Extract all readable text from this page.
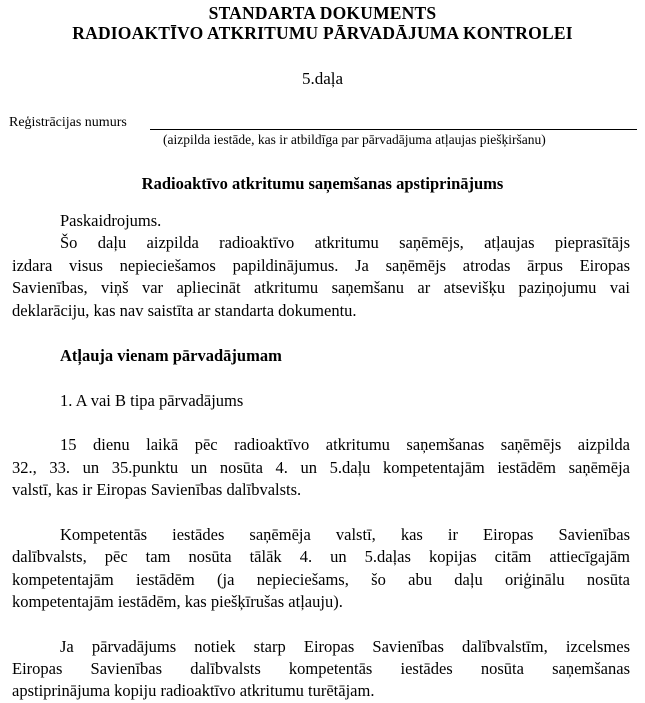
STANDARTA DOKUMENTS
RADIOAKTĪVO ATKRITUMU PĀRVADĀJUMA KONTROLEI
5.daļa
Reģistrācijas numurs
(aizpilda iestāde, kas ir atbildīga par pārvadājuma atļaujas piešķiršanu)
Radioaktīvo atkritumu saņemšanas apstiprinājums
Paskaidrojums.
Šo daļu aizpilda radioaktīvo atkritumu saņēmējs, atļaujas pieprasītājs
izdara visus nepieciešamos papildinājumus. Ja saņēmējs atrodas ārpus Eiropas
Savienības, viņš var apliecināt atkritumu saņemšanu ar atsevišķu paziņojumu vai
deklarāciju, kas nav saistīta ar standarta dokumentu.
Atļauja vienam pārvadājumam
1. A vai B tipa pārvadājums
15 dienu laikā pēc radioaktīvo atkritumu saņemšanas saņēmējs aizpilda
32., 33. un 35.punktu un nosūta 4. un 5.daļu kompetentajām iestādēm saņēmēja
valstī, kas ir Eiropas Savienības dalībvalsts.
Kompetentās iestādes saņēmēja valstī, kas ir Eiropas Savienības
dalībvalsts, pēc tam nosūta tālāk 4. un 5.daļas kopijas citām attiecīgajām
kompetentajām iestādēm (ja nepieciešams, šo abu daļu oriģinālu nosūta
kompetentajām iestādēm, kas piešķīrušas atļauju).
Ja pārvadājums notiek starp Eiropas Savienības dalībvalstīm, izcelsmes
Eiropas Savienības dalībvalsts kompetentās iestādes nosūta saņemšanas
apstiprinājuma kopiju radioaktīvo atkritumu turētājam.
